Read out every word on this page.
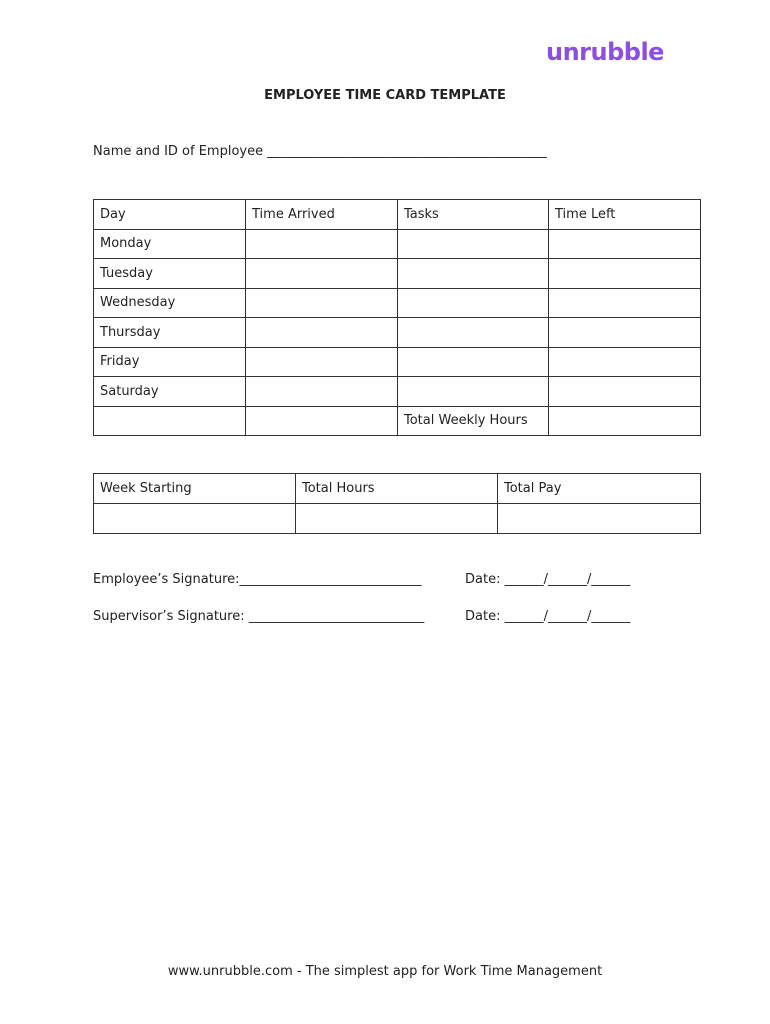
unrubble
EMPLOYEE TIME CARD TEMPLATE
Name and ID of Employee ___________________________________________
Day	Time Arrived	Tasks	Time Left
Monday			
Tuesday			
Wednesday			
Thursday			
Friday			
Saturday			
		Total Weekly Hours	
Week Starting	Total Hours	Total Pay

Employee’s Signature:____________________________	Date: ______/______/______
Supervisor’s Signature: ___________________________	Date: ______/______/______
www.unrubble.com - The simplest app for Work Time Management
